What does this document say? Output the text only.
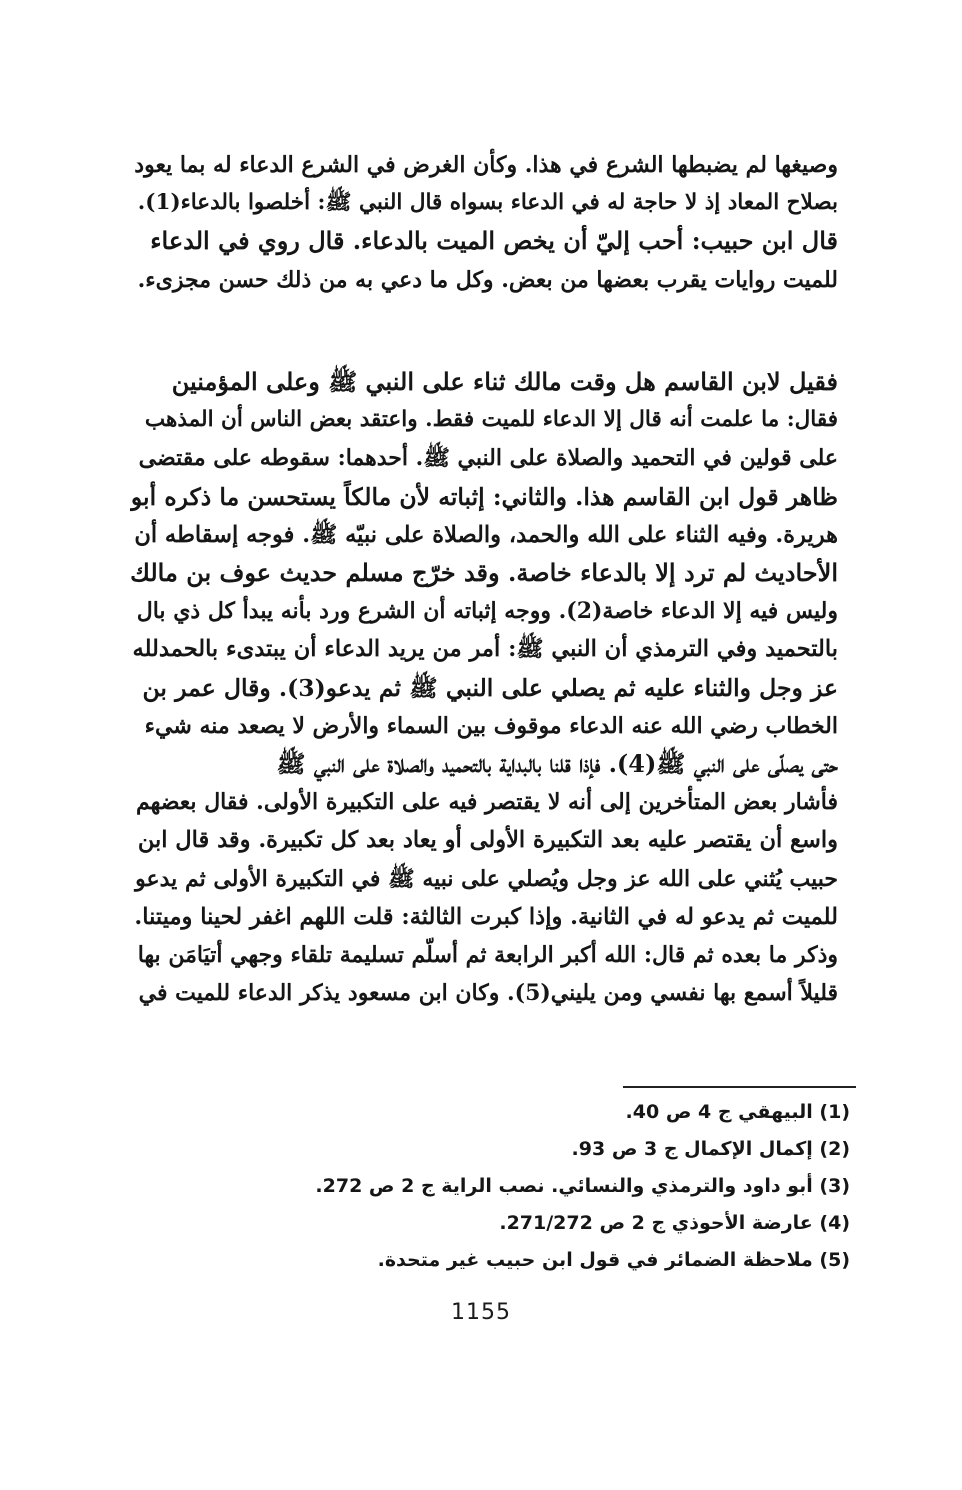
وصيغها لم يضبطها الشرع في هذا. وكأن الغرض في الشرع الدعاء له بما يعود
بصلاح المعاد إذ لا حاجة له في الدعاء بسواه قال النبي ﷺ: أخلصوا بالدعاء(1).
قال ابن حبيب: أحب إليّ أن يخص الميت بالدعاء. قال روي في الدعاء
للميت روايات يقرب بعضها من بعض. وكل ما دعي به من ذلك حسن مجزىء.
فقيل لابن القاسم هل وقت مالك ثناء على النبي ﷺ وعلى المؤمنين
فقال: ما علمت أنه قال إلا الدعاء للميت فقط. واعتقد بعض الناس أن المذهب
على قولين في التحميد والصلاة على النبي ﷺ. أحدهما: سقوطه على مقتضى
ظاهر قول ابن القاسم هذا. والثاني: إثباته لأن مالكاً يستحسن ما ذكره أبو
هريرة. وفيه الثناء على الله والحمد، والصلاة على نبيّه ﷺ. فوجه إسقاطه أن
الأحاديث لم ترد إلا بالدعاء خاصة. وقد خرّج مسلم حديث عوف بن مالك
وليس فيه إلا الدعاء خاصة(2). ووجه إثباته أن الشرع ورد بأنه يبدأ كل ذي بال
بالتحميد وفي الترمذي أن النبي ﷺ: أمر من يريد الدعاء أن يبتدىء بالحمدلله
عز وجل والثناء عليه ثم يصلي على النبي ﷺ ثم يدعو(3). وقال عمر بن
الخطاب رضي الله عنه الدعاء موقوف بين السماء والأرض لا يصعد منه شيء
حتى يصلّى على النبي ﷺ(4). فإذا قلنا بالبداية بالتحميد والصلاة على النبي ﷺ
فأشار بعض المتأخرين إلى أنه لا يقتصر فيه على التكبيرة الأولى. فقال بعضهم
واسع أن يقتصر عليه بعد التكبيرة الأولى أو يعاد بعد كل تكبيرة. وقد قال ابن
حبيب يُثني على الله عز وجل ويُصلي على نبيه ﷺ في التكبيرة الأولى ثم يدعو
للميت ثم يدعو له في الثانية. وإذا كبرت الثالثة: قلت اللهم اغفر لحينا وميتنا.
وذكر ما بعده ثم قال: الله أكبر الرابعة ثم أسلّم تسليمة تلقاء وجهي أتيَامَن بها
قليلاً أسمع بها نفسي ومن يليني(5). وكان ابن مسعود يذكر الدعاء للميت في
(1) البيهقي ج 4 ص 40.
(2) إكمال الإكمال ج 3 ص 93.
(3) أبو داود والترمذي والنسائي. نصب الراية ج 2 ص 272.
(4) عارضة الأحوذي ج 2 ص 271/272.
(5) ملاحظة الضمائر في قول ابن حبيب غير متحدة.
1155
